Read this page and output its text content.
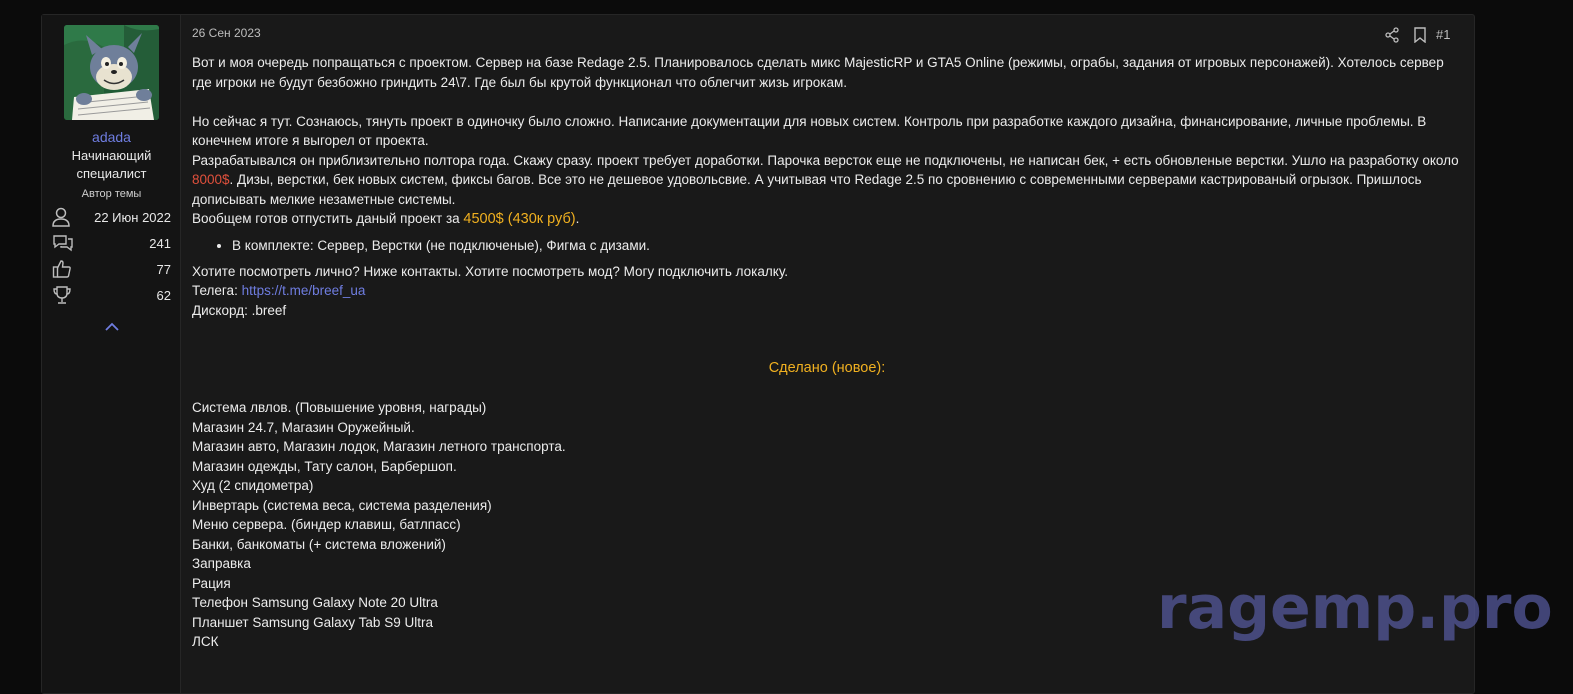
adada
Начинающий специалист
Автор темы
22 Июн 2022
241
77
62
26 Сен 2023	#1

Вот и моя очередь попращаться с проектом. Сервер на базе Redage 2.5. Планировалось сделать микс MajesticRP и GTA5 Online (режимы, ограбы, задания от игровых персонажей). Хотелось сервер где игроки не будут безбожно гриндить 24\7. Где был бы крутой функционал что облегчит жизь игрокам.

Но сейчас я тут. Сознаюсь, тянуть проект в одиночку было сложно. Написание документации для новых систем. Контроль при разработке каждого дизайна, финансирование, личные проблемы. В конечнем итоге я выгорел от проекта.

Разрабатывался он приблизительно полтора года. Скажу сразу. проект требует доработки. Парочка версток еще не подключены, не написан бек, + есть обновленые верстки. Ушло на разработку около 8000$. Дизы, верстки, бек новых систем, фиксы багов. Все это не дешевое удовольсвие. А учитывая что Redage 2.5 по сровнению с современными серверами кастрированый огрызок. Пришлось дописывать мелкие незаметные системы.

Вообщем готов отпустить даный проект за 4500$ (430к руб).

• В комплекте: Сервер, Верстки (не подключеные), Фигма с дизами.

Хотите посмотреть лично? Ниже контакты. Хотите посмотреть мод? Могу подключить локалку.

Телега: https://t.me/breef_ua

Дискорд: .breef

Сделано (новое):

Система лвлов. (Повышение уровня, награды)

Магазин 24.7, Магазин Оружейный.

Магазин авто, Магазин лодок, Магазин летного транспорта.

Магазин одежды, Тату салон, Барбершоп.

Худ (2 спидометра)

Инвертарь (система веса, система разделения)

Меню сервера. (биндер клавиш, батлпасс)

Банки, банкоматы (+ система вложений)

Заправка

Рация

Телефон Samsung Galaxy Note 20 Ultra

Планшет Samsung Galaxy Tab S9 Ultra

ЛСК	ragemp.pro
